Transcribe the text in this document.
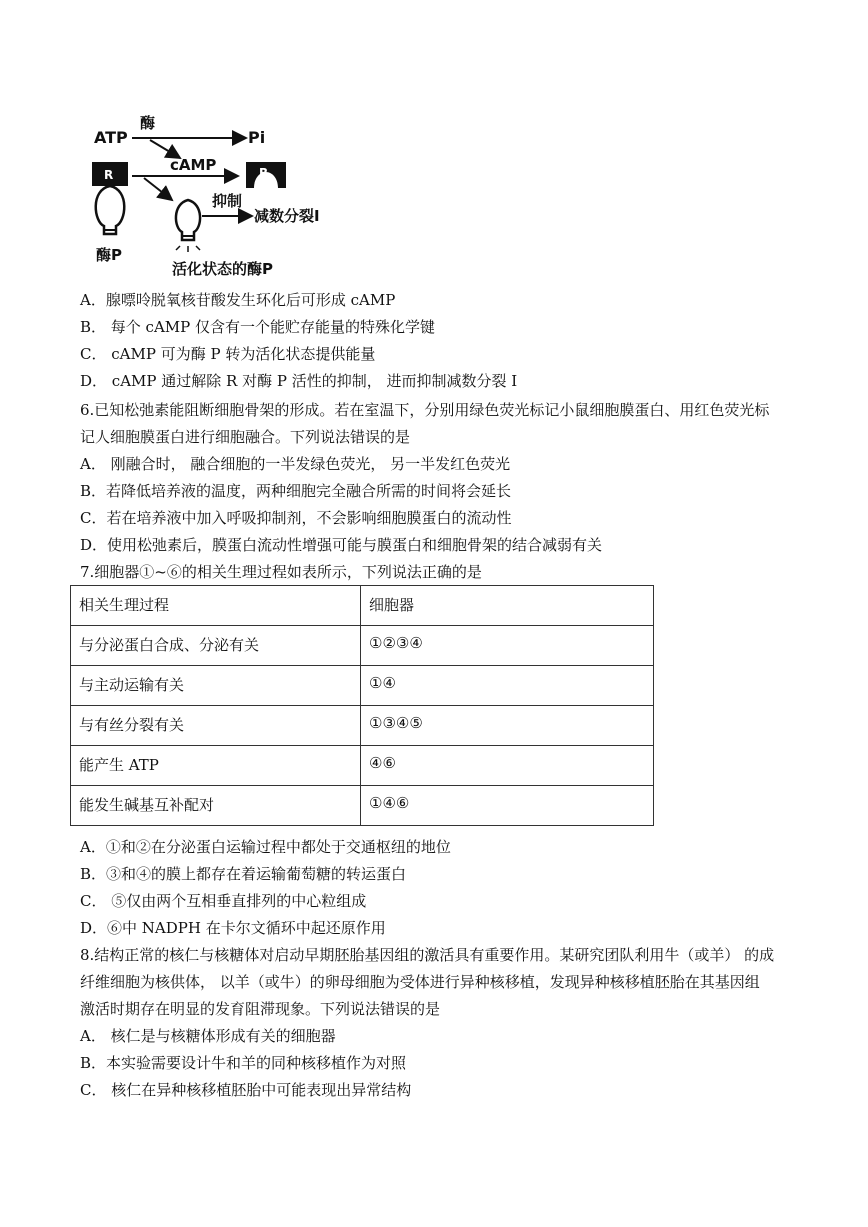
ATP
酶
Pi
cAMP
R
酶P
R
抑制
减数分裂I
活化状态的酶P
A．腺嘌呤脱氧核苷酸发生环化后可形成 cAMP
B． 每个 cAMP 仅含有一个能贮存能量的特殊化学键
C． cAMP 可为酶 P 转为活化状态提供能量
D． cAMP 通过解除 R 对酶 P 活性的抑制， 进而抑制减数分裂 I
6.已知松弛素能阻断细胞骨架的形成。若在室温下，分别用绿色荧光标记小鼠细胞膜蛋白、用红色荧光标
记人细胞膜蛋白进行细胞融合。下列说法错误的是
A． 刚融合时， 融合细胞的一半发绿色荧光， 另一半发红色荧光
B．若降低培养液的温度，两种细胞完全融合所需的时间将会延长
C．若在培养液中加入呼吸抑制剂，不会影响细胞膜蛋白的流动性
D．使用松弛素后，膜蛋白流动性增强可能与膜蛋白和细胞骨架的结合减弱有关
7.细胞器①~⑥的相关生理过程如表所示，下列说法正确的是
相关生理过程	细胞器
与分泌蛋白合成、分泌有关	①②③④
与主动运输有关	①④
与有丝分裂有关	①③④⑤
能产生 ATP	④⑥
能发生碱基互补配对	①④⑥
A．①和②在分泌蛋白运输过程中都处于交通枢纽的地位
B．③和④的膜上都存在着运输葡萄糖的转运蛋白
C． ⑤仅由两个互相垂直排列的中心粒组成
D．⑥中 NADPH 在卡尔文循环中起还原作用
8.结构正常的核仁与核糖体对启动早期胚胎基因组的激活具有重要作用。某研究团队利用牛（或羊） 的成
纤维细胞为核供体， 以羊（或牛）的卵母细胞为受体进行异种核移植，发现异种核移植胚胎在其基因组
激活时期存在明显的发育阻滞现象。下列说法错误的是
A． 核仁是与核糖体形成有关的细胞器
B．本实验需要设计牛和羊的同种核移植作为对照
C． 核仁在异种核移植胚胎中可能表现出异常结构
